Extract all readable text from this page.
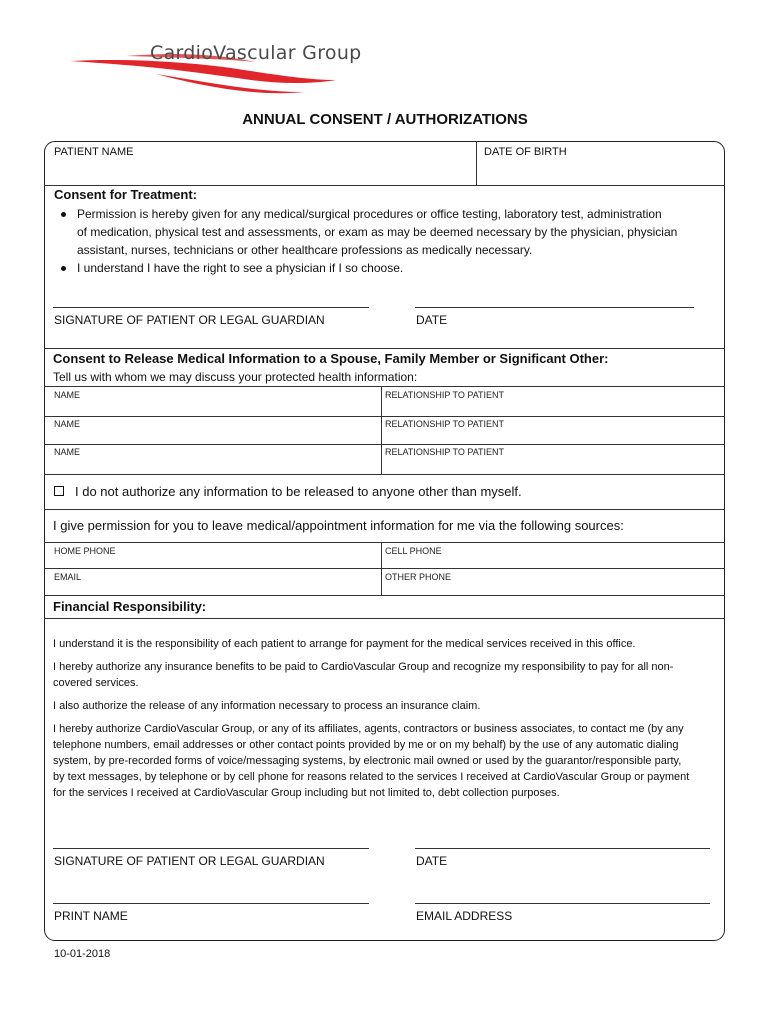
CardioVascular Group
ANNUAL CONSENT / AUTHORIZATIONS
PATIENT NAME	DATE OF BIRTH
Consent for Treatment:
Permission is hereby given for any medical/surgical procedures or office testing, laboratory test, administration
of medication, physical test and assessments, or exam as may be deemed necessary by the physician, physician
assistant, nurses, technicians or other healthcare professions as medically necessary.
I understand I have the right to see a physician if I so choose.
SIGNATURE OF PATIENT OR LEGAL GUARDIAN	DATE
Consent to Release Medical Information to a Spouse, Family Member or Significant Other:
Tell us with whom we may discuss your protected health information:
NAME	RELATIONSHIP TO PATIENT
NAME	RELATIONSHIP TO PATIENT
NAME	RELATIONSHIP TO PATIENT
I do not authorize any information to be released to anyone other than myself.
I give permission for you to leave medical/appointment information for me via the following sources:
HOME PHONE	CELL PHONE
EMAIL	OTHER PHONE
Financial Responsibility:
I understand it is the responsibility of each patient to arrange for payment for the medical services received in this office.
I hereby authorize any insurance benefits to be paid to CardioVascular Group and recognize my responsibility to pay for all non-
covered services.
I also authorize the release of any information necessary to process an insurance claim.
I hereby authorize CardioVascular Group, or any of its affiliates, agents, contractors or business associates, to contact me (by any
telephone numbers, email addresses or other contact points provided by me or on my behalf) by the use of any automatic dialing
system, by pre-recorded forms of voice/messaging systems, by electronic mail owned or used by the guarantor/responsible party,
by text messages, by telephone or by cell phone for reasons related to the services I received at CardioVascular Group or payment
for the services I received at CardioVascular Group including but not limited to, debt collection purposes.
SIGNATURE OF PATIENT OR LEGAL GUARDIAN	DATE
PRINT NAME	EMAIL ADDRESS
10-01-2018
